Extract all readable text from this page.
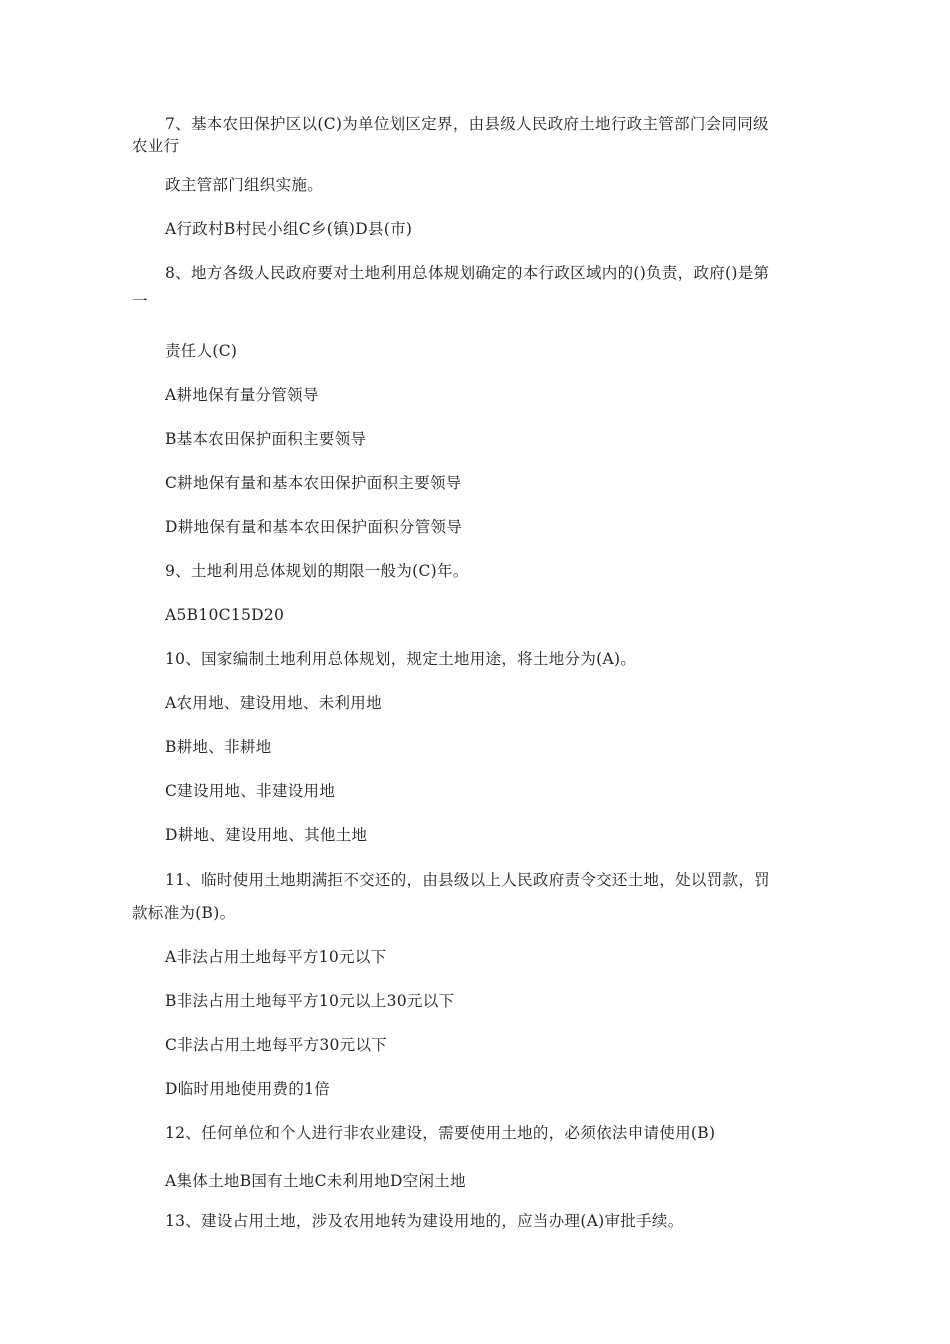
7、基本农田保护区以(C)为单位划区定界，由县级人民政府土地行政主管部门会同同级
农业行
政主管部门组织实施。
A行政村B村民小组C乡(镇)D县(市)
8、地方各级人民政府要对土地利用总体规划确定的本行政区域内的()负责，政府()是第
一
责任人(C)
A耕地保有量分管领导
B基本农田保护面积主要领导
C耕地保有量和基本农田保护面积主要领导
D耕地保有量和基本农田保护面积分管领导
9、土地利用总体规划的期限一般为(C)年。
A5B10C15D20
10、国家编制土地利用总体规划，规定土地用途，将土地分为(A)。
A农用地、建设用地、未利用地
B耕地、非耕地
C建设用地、非建设用地
D耕地、建设用地、其他土地
11、临时使用土地期满拒不交还的，由县级以上人民政府责令交还土地，处以罚款，罚
款标准为(B)。
A非法占用土地每平方10元以下
B非法占用土地每平方10元以上30元以下
C非法占用土地每平方30元以下
D临时用地使用费的1倍
12、任何单位和个人进行非农业建设，需要使用土地的，必须依法申请使用(B)
A集体土地B国有土地C未利用地D空闲土地
13、建设占用土地，涉及农用地转为建设用地的，应当办理(A)审批手续。
